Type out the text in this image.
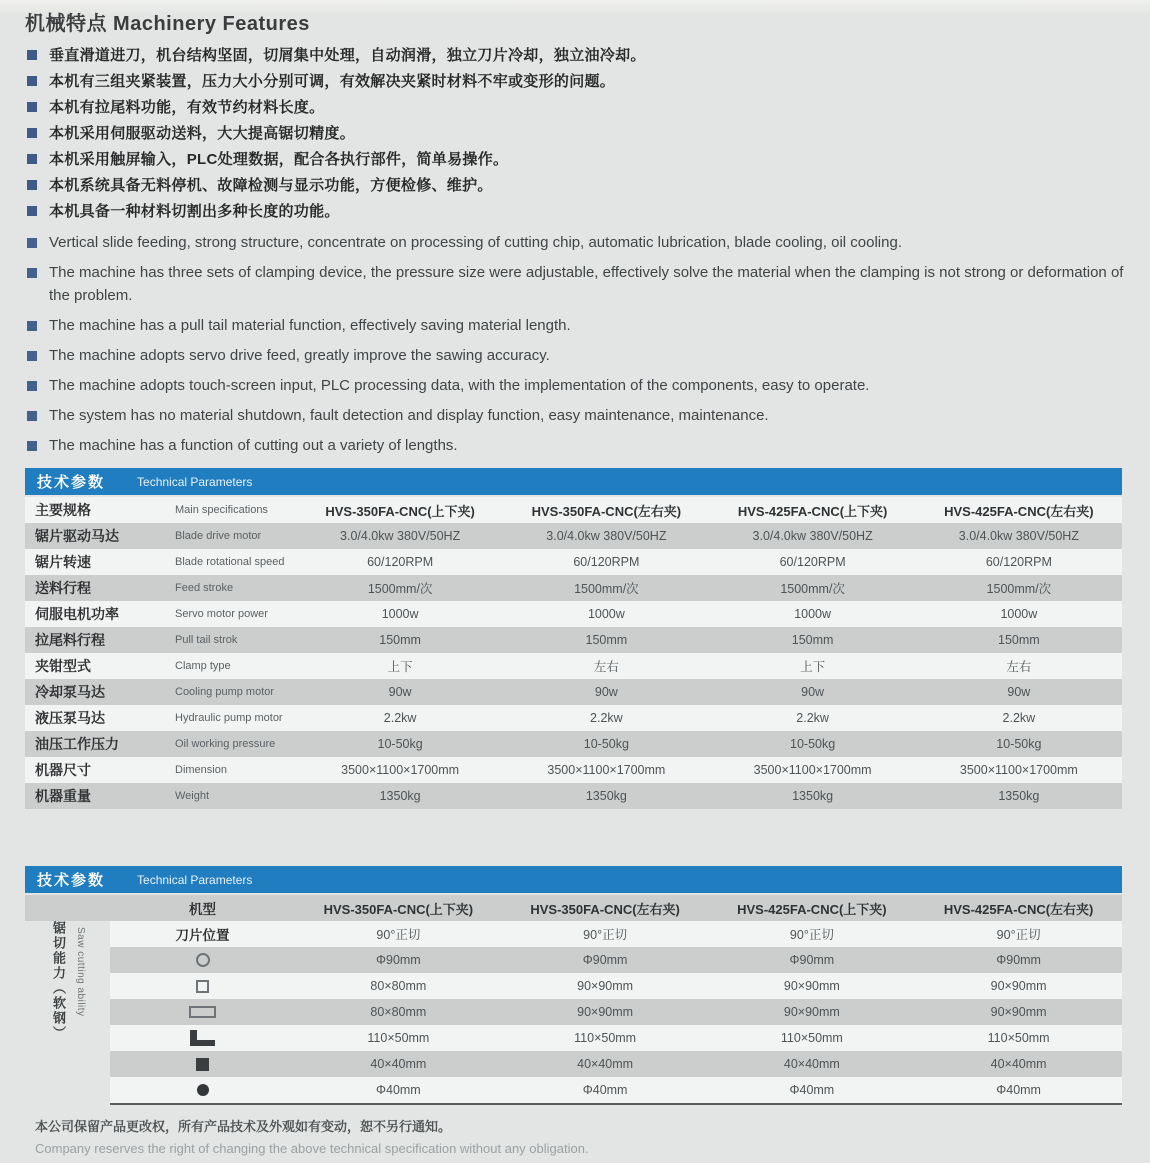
机械特点 Machinery Features
垂直滑道进刀，机台结构坚固，切屑集中处理，自动润滑，独立刀片冷却，独立油冷却。
本机有三组夹紧装置，压力大小分别可调，有效解决夹紧时材料不牢或变形的问题。
本机有拉尾料功能，有效节约材料长度。
本机采用伺服驱动送料，大大提高锯切精度。
本机采用触屏输入，PLC处理数据，配合各执行部件，简单易操作。
本机系统具备无料停机、故障检测与显示功能，方便检修、维护。
本机具备一种材料切割出多种长度的功能。
Vertical slide feeding, strong structure, concentrate on processing of cutting chip, automatic lubrication, blade cooling, oil cooling.
The machine has three sets of clamping device, the pressure size were adjustable, effectively solve the material when the clamping is not strong or deformation of the problem.
The machine has a pull tail material function, effectively saving material length.
The machine adopts servo drive feed, greatly improve the sawing accuracy.
The machine adopts touch-screen input, PLC processing data, with the implementation of the components, easy to operate.
The system has no material shutdown, fault detection and display function, easy maintenance, maintenance.
The machine has a function of cutting out a variety of lengths.
技术参数	Technical Parameters
主要规格	Main specifications	HVS-350FA-CNC(上下夹)	HVS-350FA-CNC(左右夹)	HVS-425FA-CNC(上下夹)	HVS-425FA-CNC(左右夹)
锯片驱动马达	Blade drive motor	3.0/4.0kw 380V/50HZ	3.0/4.0kw 380V/50HZ	3.0/4.0kw 380V/50HZ	3.0/4.0kw 380V/50HZ
锯片转速	Blade rotational speed	60/120RPM	60/120RPM	60/120RPM	60/120RPM
送料行程	Feed stroke	1500mm/次	1500mm/次	1500mm/次	1500mm/次
伺服电机功率	Servo motor power	1000w	1000w	1000w	1000w
拉尾料行程	Pull tail strok	150mm	150mm	150mm	150mm
夹钳型式	Clamp type	上下	左右	上下	左右
冷却泵马达	Cooling pump motor	90w	90w	90w	90w
液压泵马达	Hydraulic pump motor	2.2kw	2.2kw	2.2kw	2.2kw
油压工作压力	Oil working pressure	10-50kg	10-50kg	10-50kg	10-50kg
机器尺寸	Dimension	3500×1100×1700mm	3500×1100×1700mm	3500×1100×1700mm	3500×1100×1700mm
机器重量	Weight	1350kg	1350kg	1350kg	1350kg
技术参数	Technical Parameters
机型	HVS-350FA-CNC(上下夹)	HVS-350FA-CNC(左右夹)	HVS-425FA-CNC(上下夹)	HVS-425FA-CNC(左右夹)
锯切能力（软钢） Saw cutting ability	刀片位置	90°正切	90°正切	90°正切	90°正切
Φ90mm	Φ90mm	Φ90mm	Φ90mm
80×80mm	90×90mm	90×90mm	90×90mm
80×80mm	90×90mm	90×90mm	90×90mm
110×50mm	110×50mm	110×50mm	110×50mm
40×40mm	40×40mm	40×40mm	40×40mm
Φ40mm	Φ40mm	Φ40mm	Φ40mm
本公司保留产品更改权，所有产品技术及外观如有变动，恕不另行通知。
Company reserves the right of changing the above technical specification without any obligation.
